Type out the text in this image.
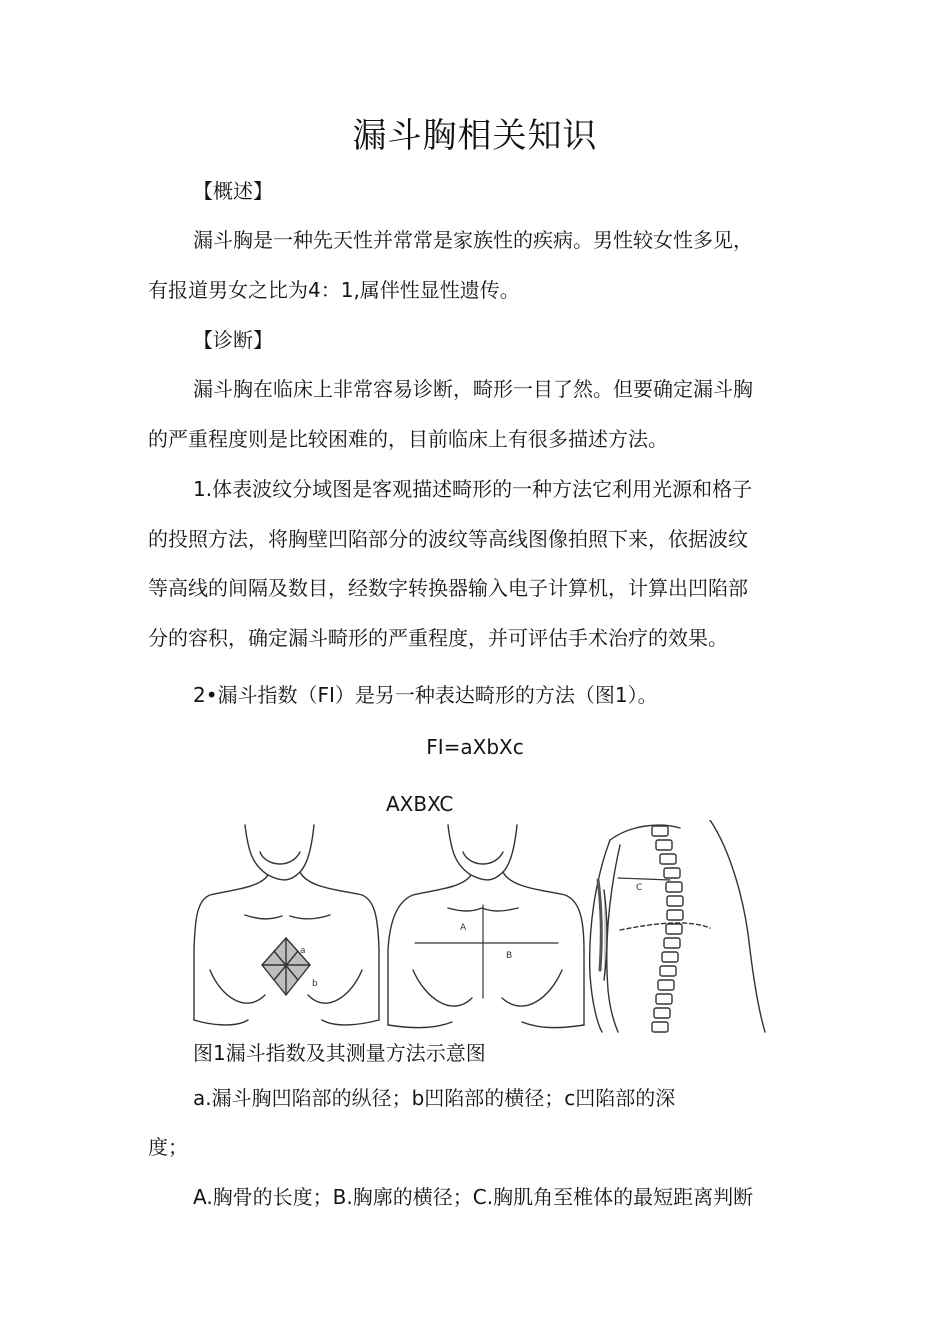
漏斗胸相关知识
【概述】
漏斗胸是一种先天性并常常是家族性的疾病。男性较女性多见，
有报道男女之比为4：1,属伴性显性遗传。
【诊断】
漏斗胸在临床上非常容易诊断，畸形一目了然。但要确定漏斗胸
的严重程度则是比较困难的，目前临床上有很多描述方法。
1.体表波纹分域图是客观描述畸形的一种方法它利用光源和格子
的投照方法，将胸壁凹陷部分的波纹等高线图像拍照下来，依据波纹
等高线的间隔及数目，经数字转换器输入电子计算机，计算出凹陷部
分的容积，确定漏斗畸形的严重程度，并可评估手术治疗的效果。
2•漏斗指数（FI）是另一种表达畸形的方法（图1）。
FI=aXbXc
AXBXC
a
b
A
B
C
图1漏斗指数及其测量方法示意图
a.漏斗胸凹陷部的纵径；b凹陷部的横径；c凹陷部的深
度；
A.胸骨的长度；B.胸廓的横径；C.胸肌角至椎体的最短距离判断
